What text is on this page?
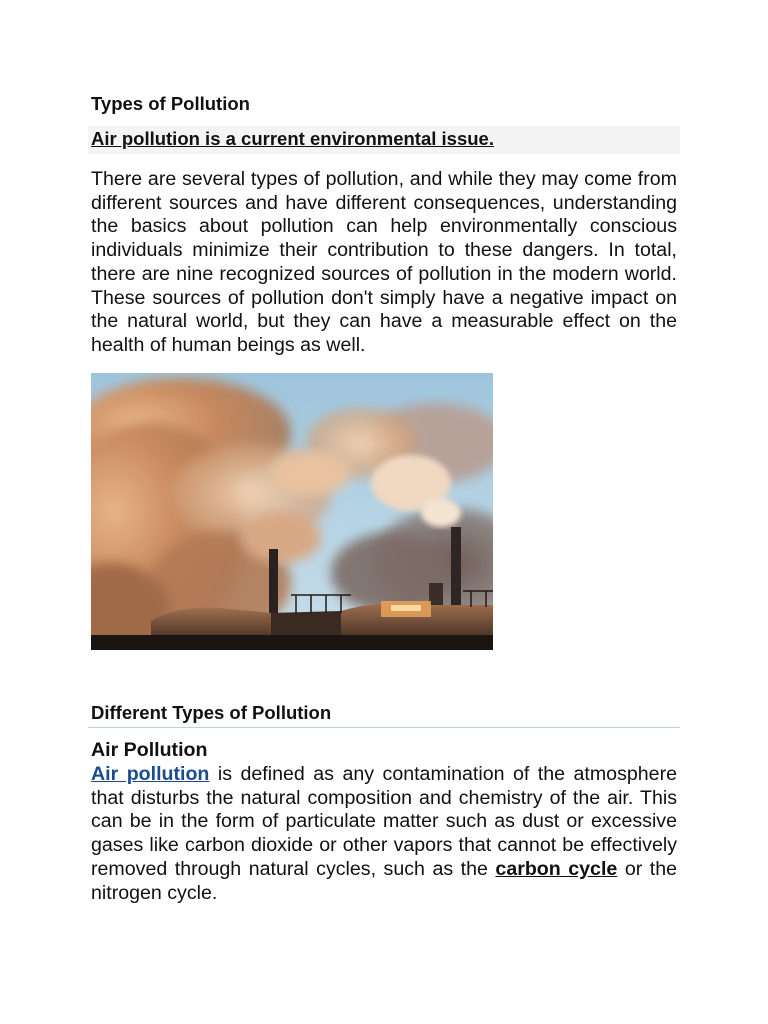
Types of Pollution
Air pollution is a current environmental issue.

There are several types of pollution, and while they may come from different sources and have different consequences, understanding the basics about pollution can help environmentally conscious individuals minimize their contribution to these dangers. In total, there are nine recognized sources of pollution in the modern world. These sources of pollution don't simply have a negative impact on the natural world, but they can have a measurable effect on the health of human beings as well.

Different Types of Pollution
Air Pollution

Air pollution is defined as any contamination of the atmosphere that disturbs the natural composition and chemistry of the air. This can be in the form of particulate matter such as dust or excessive gases like carbon dioxide or other vapors that cannot be effectively removed through natural cycles, such as the carbon cycle or the nitrogen cycle.
